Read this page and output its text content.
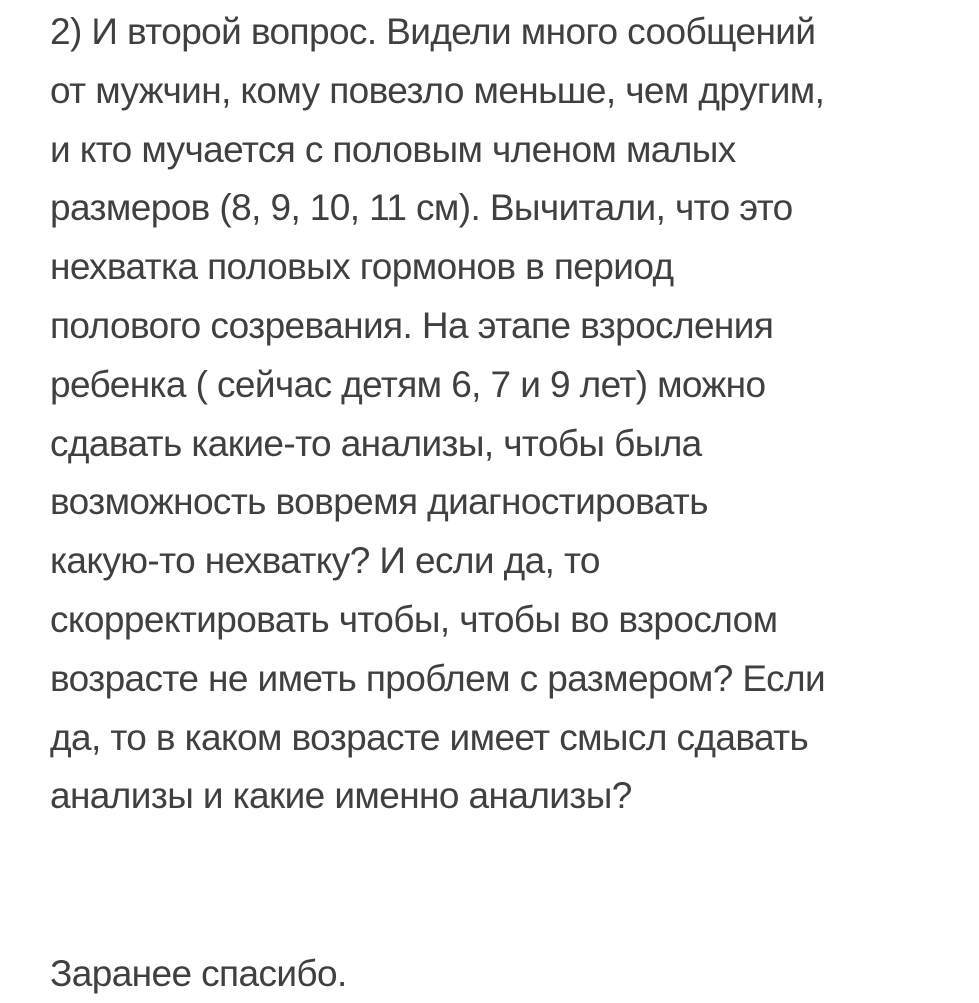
2) И второй вопрос. Видели много сообщений
от мужчин, кому повезло меньше, чем другим,
и кто мучается с половым членом малых
размеров (8, 9, 10, 11 см). Вычитали, что это
нехватка половых гормонов в период
полового созревания. На этапе взросления
ребенка ( сейчас детям 6, 7 и 9 лет) можно
сдавать какие-то анализы, чтобы была
возможность вовремя диагностировать
какую-то нехватку? И если да, то
скорректировать чтобы, чтобы во взрослом
возрасте не иметь проблем с размером? Если
да, то в каком возрасте имеет смысл сдавать
анализы и какие именно анализы?
Заранее спасибо.
